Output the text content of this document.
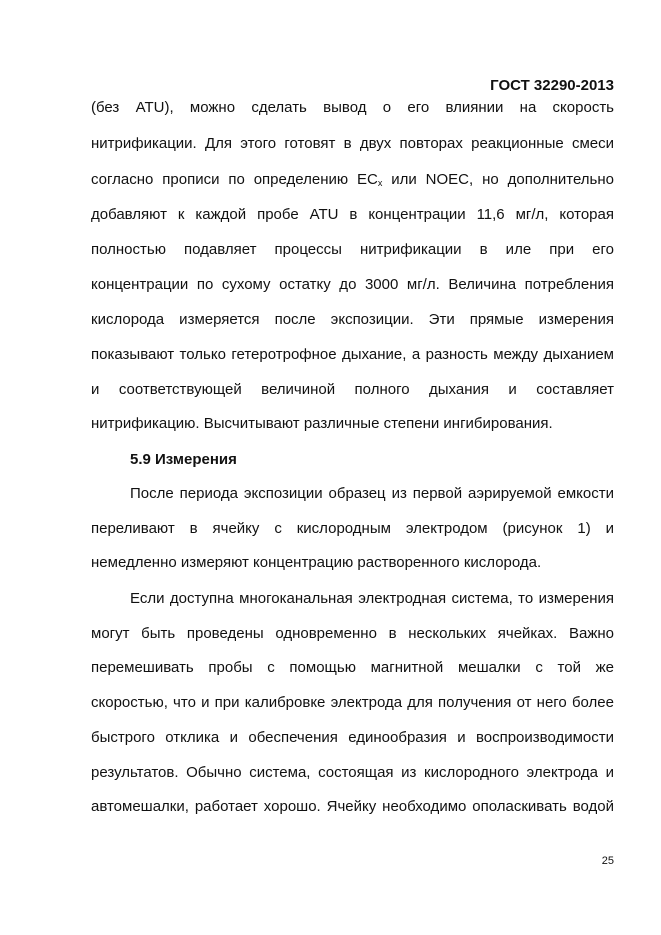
ГОСТ 32290-2013
(без ATU), можно сделать вывод о его влиянии на скорость
нитрификации. Для этого готовят в двух повторах реакционные смеси
согласно прописи по определению $EC_x$ или NOEC, но дополнительно
добавляют к каждой пробе ATU в концентрации 11,6 мг/л, которая
полностью подавляет процессы нитрификации в иле при его
концентрации по сухому остатку до 3000 мг/л. Величина потребления
кислорода измеряется после экспозиции. Эти прямые измерения
показывают только гетеротрофное дыхание, а разность между дыханием
и соответствующей величиной полного дыхания и составляет
нитрификацию. Высчитывают различные степени ингибирования.
5.9 Измерения
После периода экспозиции образец из первой аэрируемой емкости
переливают в ячейку с кислородным электродом (рисунок 1) и
немедленно измеряют концентрацию растворенного кислорода.
Если доступна многоканальная электродная система, то измерения
могут быть проведены одновременно в нескольких ячейках. Важно
перемешивать пробы с помощью магнитной мешалки с той же
скоростью, что и при калибровке электрода для получения от него более
быстрого отклика и обеспечения единообразия и воспроизводимости
результатов. Обычно система, состоящая из кислородного электрода и
автомешалки, работает хорошо. Ячейку необходимо ополаскивать водой
25
